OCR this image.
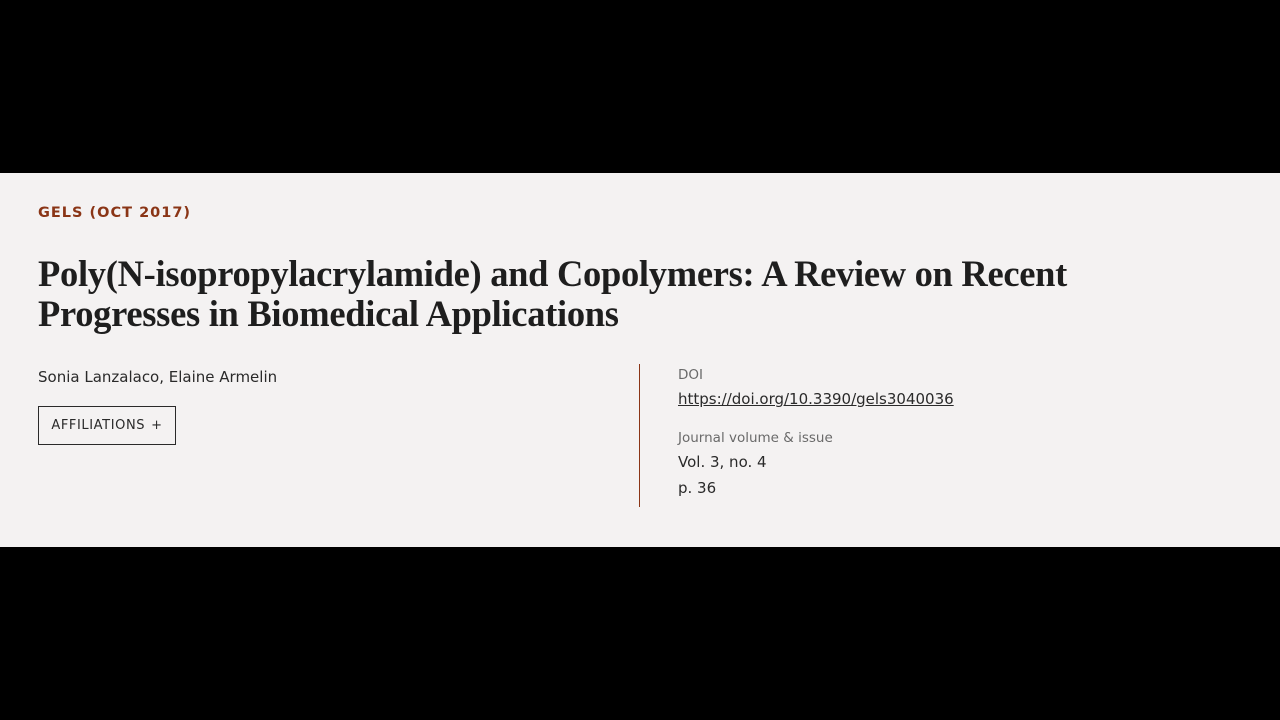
GELS (OCT 2017)
Poly(N-isopropylacrylamide) and Copolymers: A Review on Recent Progresses in Biomedical Applications
Sonia Lanzalaco, Elaine Armelin
AFFILIATIONS +
DOI
https://doi.org/10.3390/gels3040036
Journal volume & issue
Vol. 3, no. 4
p. 36
